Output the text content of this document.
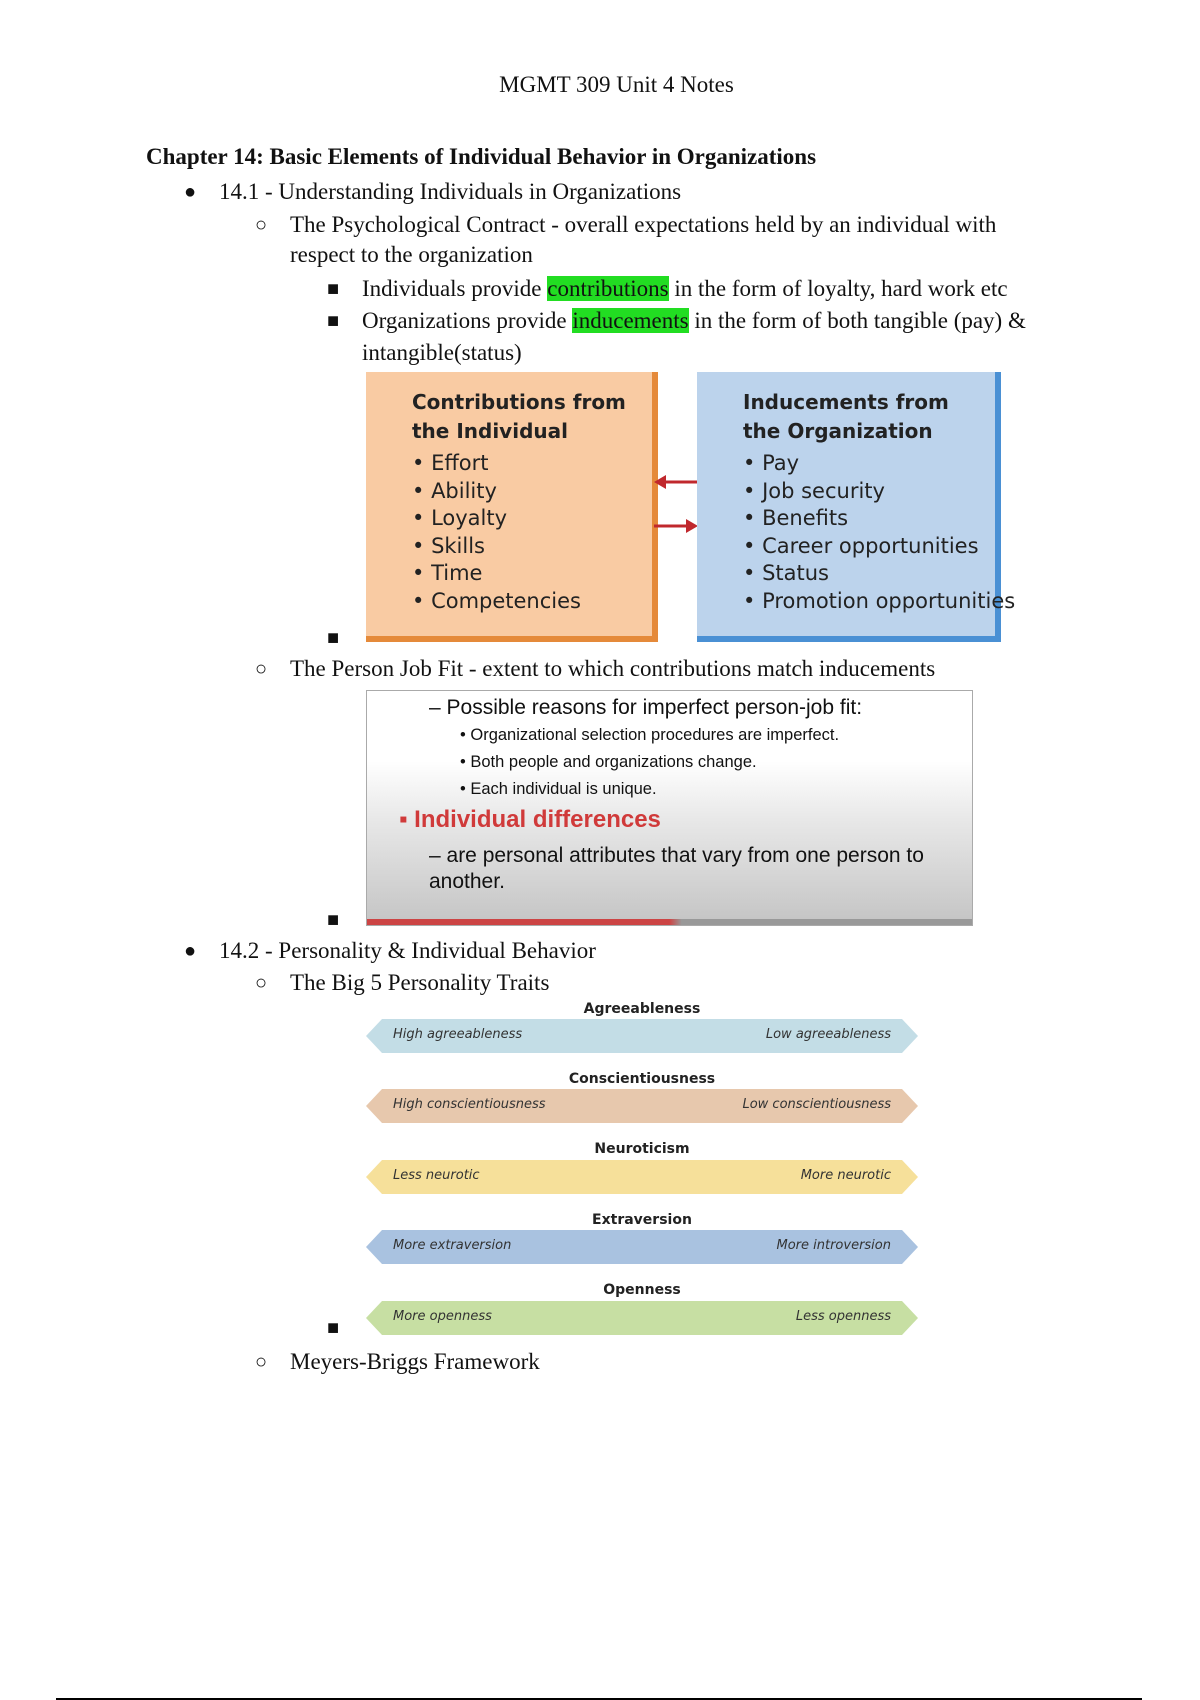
MGMT 309 Unit 4 Notes
Chapter 14: Basic Elements of Individual Behavior in Organizations
● 14.1 - Understanding Individuals in Organizations
○ The Psychological Contract - overall expectations held by an individual with
respect to the organization
■ Individuals provide contributions in the form of loyalty, hard work etc
■ Organizations provide inducements in the form of both tangible (pay) &
intangible(status)
Contributions from the Individual
• Effort
• Ability
• Loyalty
• Skills
• Time
• Competencies
Inducements from the Organization
• Pay
• Job security
• Benefits
• Career opportunities
• Status
• Promotion opportunities
■
○ The Person Job Fit - extent to which contributions match inducements
– Possible reasons for imperfect person-job fit:
• Organizational selection procedures are imperfect.
• Both people and organizations change.
• Each individual is unique.
▪ Individual differences
– are personal attributes that vary from one person to another.
■
● 14.2 - Personality & Individual Behavior
○ The Big 5 Personality Traits
Agreeableness
High agreeableness	Low agreeableness
Conscientiousness
High conscientiousness	Low conscientiousness
Neuroticism
Less neurotic	More neurotic
Extraversion
More extraversion	More introversion
Openness
More openness	Less openness
■
○ Meyers-Briggs Framework
